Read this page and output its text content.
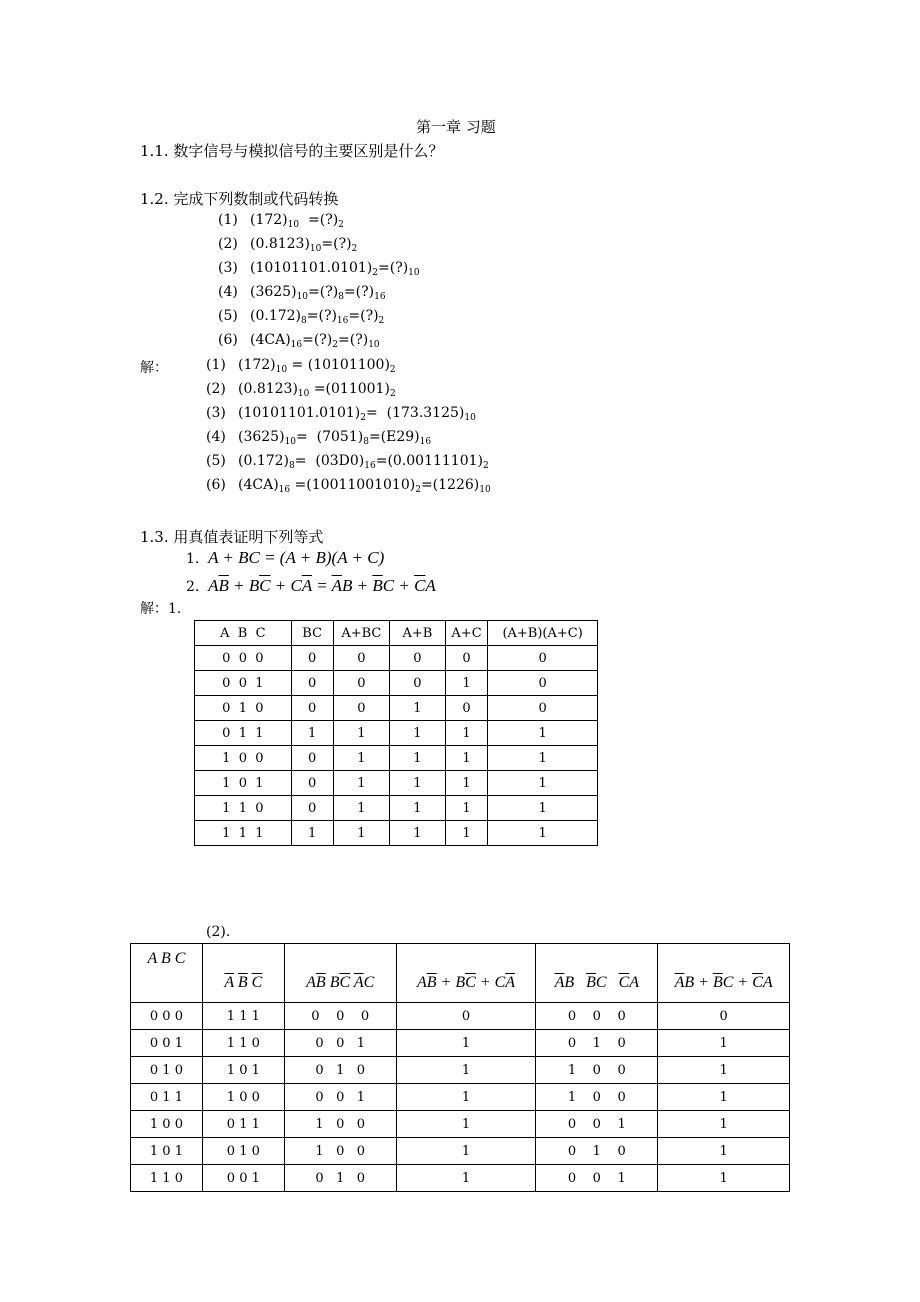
第一章 习题
1.1. 数字信号与模拟信号的主要区别是什么？
1.2. 完成下列数制或代码转换
(1) $(172)_{10}$  $=(?)_2$
(2) $(0.8123)_{10}=(?)_2$
(3) $(10101101.0101)_2=(?)_{10}$
(4) $(3625)_{10}=(?)_8=(?)_{16}$
(5) $(0.172)_8=(?)_{16}=(?)_2$
(6) $(4CA)_{16}=(?)_2=(?)_{10}$
解：	(1) $(172)_{10} = (10101100)_2$
(2) $(0.8123)_{10} =(011001)_2$
(3) $(10101101.0101)_2= (173.3125)_{10}$
(4) $(3625)_{10}= (7051)_8=(E29)_{16}$
(5) $(0.172)_8= (03D0)_{16}=(0.00111101)_2$
(6) $(4CA)_{16} =(10011001010)_2=(1226)_{10}$
1.3. 用真值表证明下列等式
1.  A + BC = (A + B)(A + C)
2.  $A\overline{B} + B\overline{C} + C\overline{A} = \overline{A}B + \overline{B}C + \overline{C}A$
解：1.
A  B  C	BC	A+BC	A+B	A+C	(A+B)(A+C)
0  0  0	0	0	0	0	0
0  0  1	0	0	0	1	0
0  1  0	0	0	1	0	0
0  1  1	1	1	1	1	1
1  0  0	0	1	1	1	1
1  0  1	0	1	1	1	1
1  1  0	0	1	1	1	1
1  1  1	1	1	1	1	1
(2).
A B C	$\overline{A}$ $\overline{B}$ $\overline{C}$	$A\overline{B}$ $B\overline{C}$ $\overline{A}C$	$A\overline{B} + B\overline{C} + C\overline{A}$	$\overline{A}B$   $\overline{B}C$   $\overline{C}A$	$\overline{A}B + \overline{B}C + \overline{C}A$
0 0 0	1 1 1	0    0    0	0	0    0    0	0
0 0 1	1 1 0	0   0   1	1	0    1    0	1
0 1 0	1 0 1	0   1   0	1	1    0    0	1
0 1 1	1 0 0	0   0   1	1	1    0    0	1
1 0 0	0 1 1	1   0   0	1	0    0    1	1
1 0 1	0 1 0	1   0   0	1	0    1    0	1
1 1 0	0 0 1	0   1   0	1	0    0    1	1
